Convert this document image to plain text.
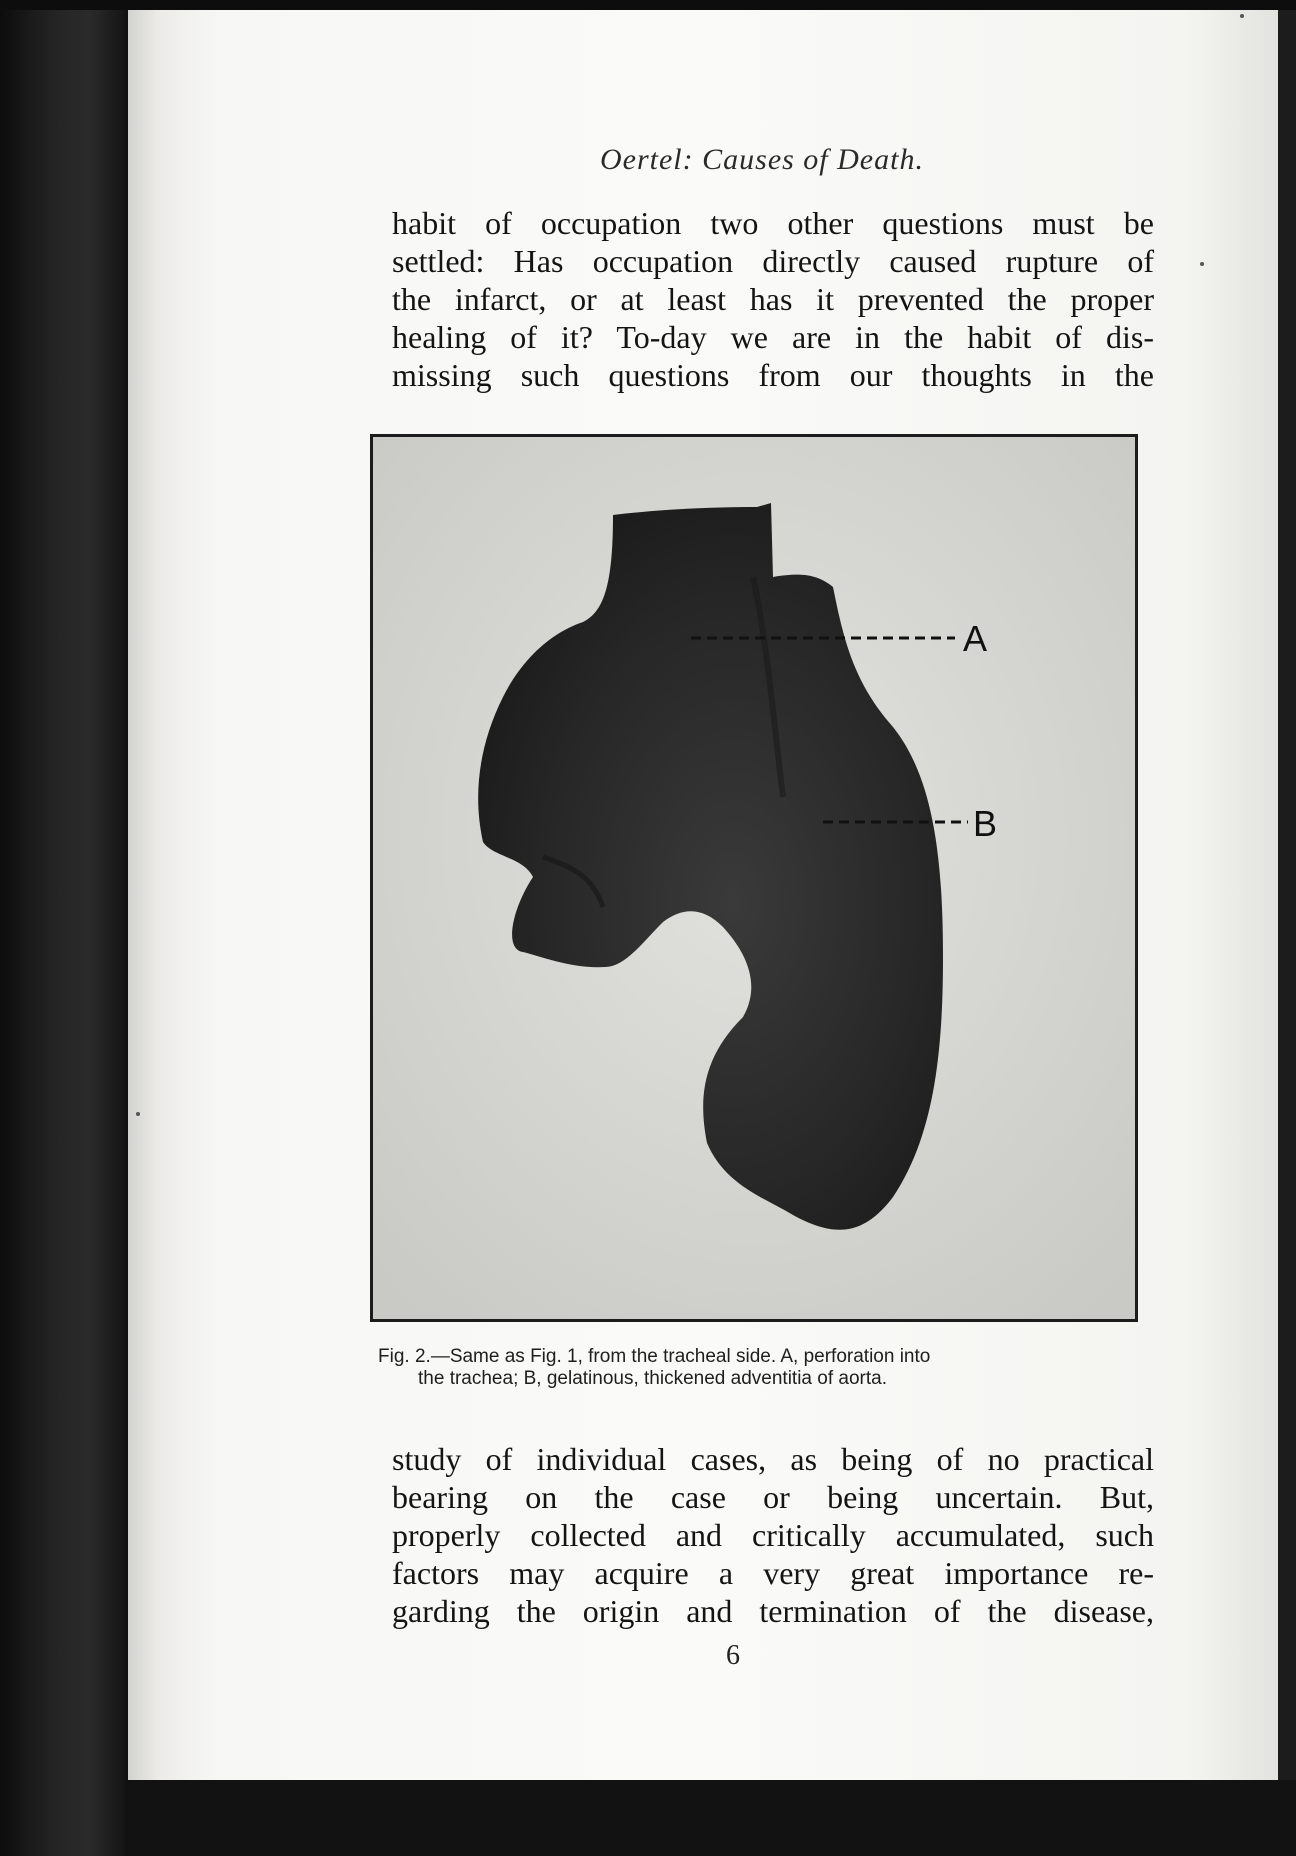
Oertel: Causes of Death.
habit of occupation two other questions must be
settled: Has occupation directly caused rupture of
the infarct, or at least has it prevented the proper
healing of it? To-day we are in the habit of dis-
missing such questions from our thoughts in the
A
B
Fig. 2.—Same as Fig. 1, from the tracheal side. A, perforation into
the trachea; B, gelatinous, thickened adventitia of aorta.
study of individual cases, as being of no practical
bearing on the case or being uncertain. But,
properly collected and critically accumulated, such
factors may acquire a very great importance re-
garding the origin and termination of the disease,
6
